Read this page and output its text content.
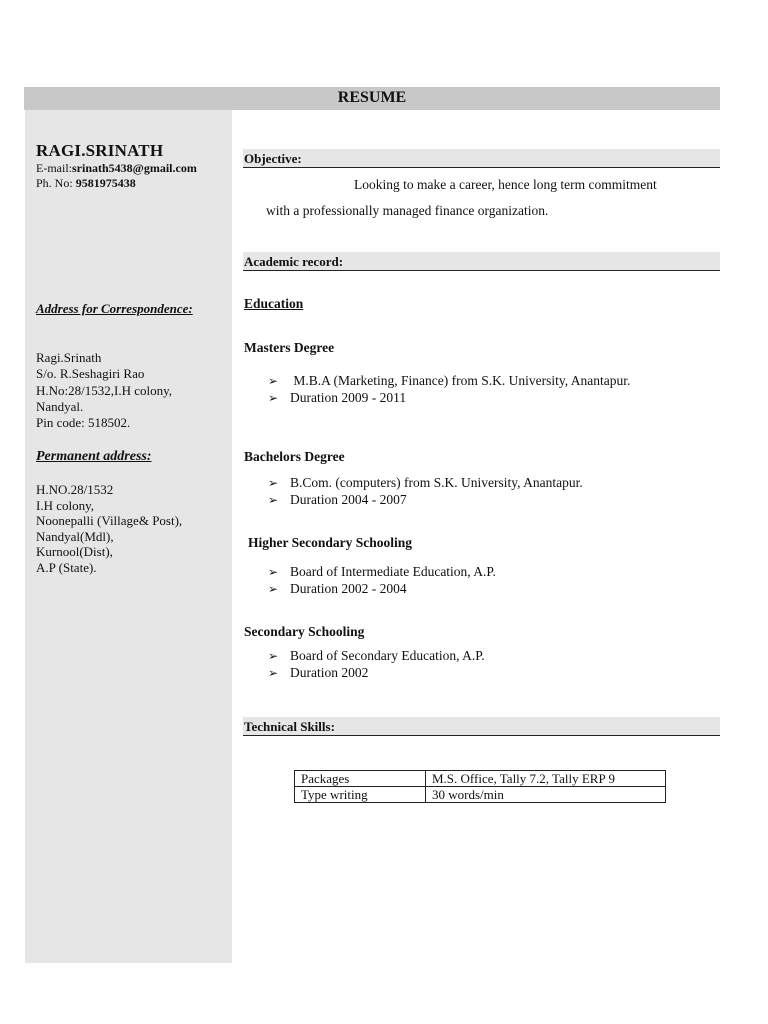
RESUME
RAGI.SRINATH
E-mail:srinath5438@gmail.com
Ph. No: 9581975438
Address for Correspondence:
Ragi.Srinath
S/o. R.Seshagiri Rao
H.No:28/1532,I.H colony,
Nandyal.
Pin code: 518502.
Permanent address:
H.NO.28/1532
I.H colony,
Noonepalli (Village& Post),
Nandyal(Mdl),
Kurnool(Dist),
A.P (State).
Objective:
Looking to make a career, hence long term commitment
with a professionally managed finance organization.
Academic record:
Education
Masters Degree
➢ M.B.A (Marketing, Finance) from S.K. University, Anantapur.
➢ Duration 2009 - 2011
Bachelors Degree
➢ B.Com. (computers) from S.K. University, Anantapur.
➢ Duration 2004 - 2007
Higher Secondary Schooling
➢ Board of Intermediate Education, A.P.
➢ Duration 2002 - 2004
Secondary Schooling
➢ Board of Secondary Education, A.P.
➢ Duration 2002
Technical Skills:
Packages	M.S. Office, Tally 7.2, Tally ERP 9
Type writing	30 words/min
